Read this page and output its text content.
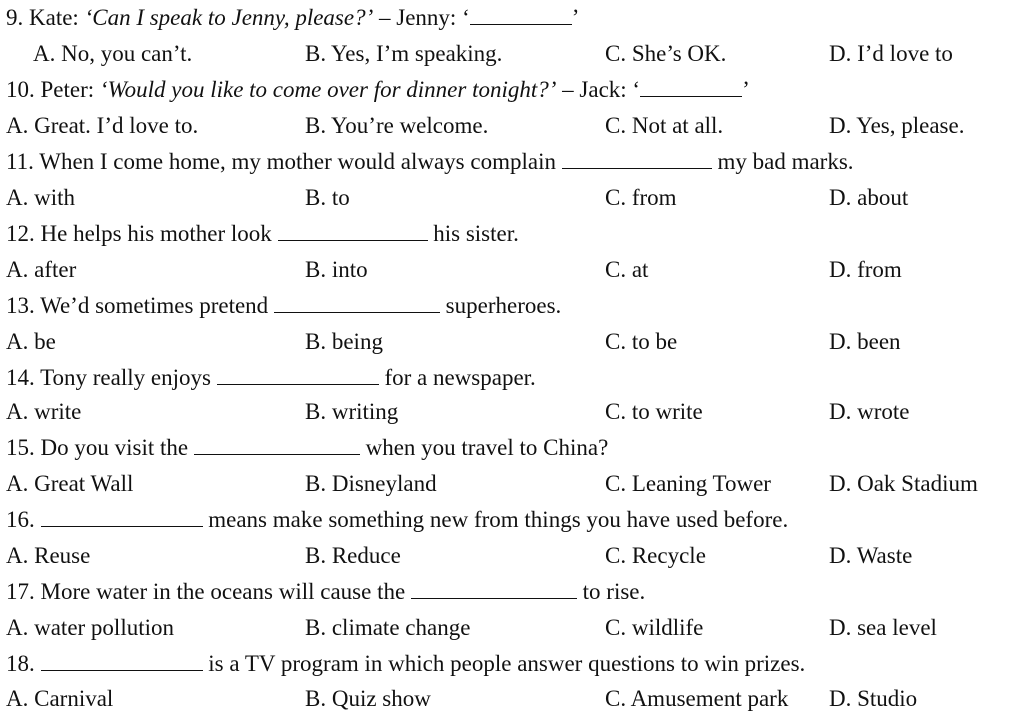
9. Kate: ‘Can I speak to Jenny, please?’ – Jenny: ‘	’
A. No, you can’t.	B. Yes, I’m speaking.	C. She’s OK.	D. I’d love to
10. Peter: ‘Would you like to come over for dinner tonight?’ – Jack: ‘	’
A. Great. I’d love to.	B. You’re welcome.	C. Not at all.	D. Yes, please.
11. When I come home, my mother would always complain	my bad marks.
A. with	B. to	C. from	D. about
12. He helps his mother look	his sister.
A. after	B. into	C. at	D. from
13. We’d sometimes pretend	superheroes.
A. be	B. being	C. to be	D. been
14. Tony really enjoys	for a newspaper.
A. write	B. writing	C. to write	D. wrote
15. Do you visit the	when you travel to China?
A. Great Wall	B. Disneyland	C. Leaning Tower	D. Oak Stadium
16.	means make something new from things you have used before.
A. Reuse	B. Reduce	C. Recycle	D. Waste
17. More water in the oceans will cause the	to rise.
A. water pollution	B. climate change	C. wildlife	D. sea level
18.	is a TV program in which people answer questions to win prizes.
A. Carnival	B. Quiz show	C. Amusement park D. Studio
